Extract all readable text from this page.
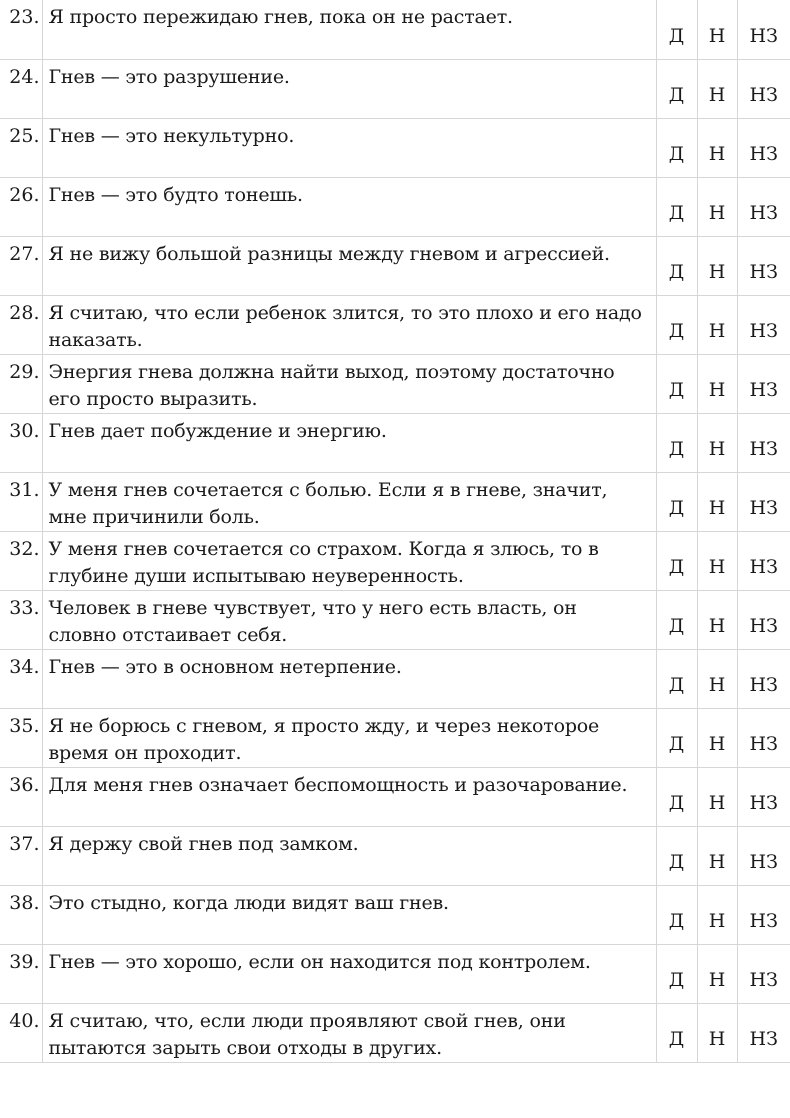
23.	Я просто пережидаю гнев, пока он не растает.	Д	Н	НЗ
24.	Гнев — это разрушение.	Д	Н	НЗ
25.	Гнев — это некультурно.	Д	Н	НЗ
26.	Гнев — это будто тонешь.	Д	Н	НЗ
27.	Я не вижу большой разницы между гневом и агрессией.	Д	Н	НЗ
28.	Я считаю, что если ребенок злится, то это плохо и его надо наказать.	Д	Н	НЗ
29.	Энергия гнева должна найти выход, поэтому достаточно его просто выразить.	Д	Н	НЗ
30.	Гнев дает побуждение и энергию.	Д	Н	НЗ
31.	У меня гнев сочетается с болью. Если я в гневе, значит, мне причинили боль.	Д	Н	НЗ
32.	У меня гнев сочетается со страхом. Когда я злюсь, то в глубине души испытываю неуверенность.	Д	Н	НЗ
33.	Человек в гневе чувствует, что у него есть власть, он словно отстаивает себя.	Д	Н	НЗ
34.	Гнев — это в основном нетерпение.	Д	Н	НЗ
35.	Я не борюсь с гневом, я просто жду, и через некоторое время он проходит.	Д	Н	НЗ
36.	Для меня гнев означает беспомощность и разочарование.	Д	Н	НЗ
37.	Я держу свой гнев под замком.	Д	Н	НЗ
38.	Это стыдно, когда люди видят ваш гнев.	Д	Н	НЗ
39.	Гнев — это хорошо, если он находится под контролем.	Д	Н	НЗ
40.	Я считаю, что, если люди проявляют свой гнев, они пытаются зарыть свои отходы в других.	Д	Н	НЗ
